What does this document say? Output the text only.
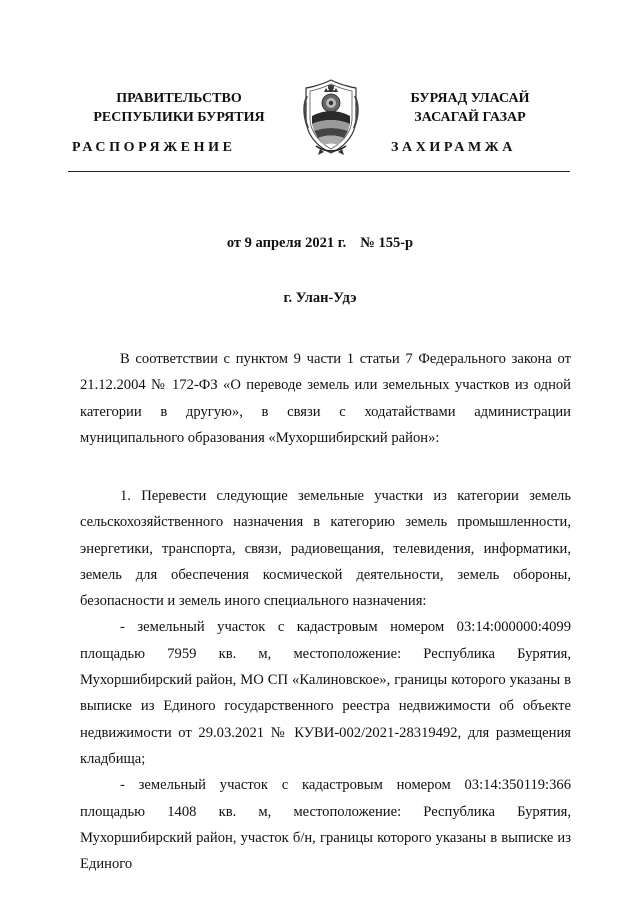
ПРАВИТЕЛЬСТВО
РЕСПУБЛИКИ БУРЯТИЯ
БУРЯАД УЛАСАЙ
ЗАСАГАЙ ГАЗАР
РАСПОРЯЖЕНИЕ	ЗАХИРАМЖА
от 9 апреля 2021 г. № 155-р
г. Улан-Удэ

В соответствии с пунктом 9 части 1 статьи 7 Федерального закона от 21.12.2004 № 172-ФЗ «О переводе земель или земельных участков из одной категории в другую», в связи с ходатайствами администрации муниципального образования «Мухоршибирский район»:

1. Перевести следующие земельные участки из категории земель сельскохозяйственного назначения в категорию земель промышленности, энергетики, транспорта, связи, радиовещания, телевидения, информатики, земель для обеспечения космической деятельности, земель обороны, безопасности и земель иного специального назначения:

- земельный участок с кадастровым номером 03:14:000000:4099 площадью 7959 кв. м, местоположение: Республика Бурятия, Мухоршибирский район, МО СП «Калиновское», границы которого указаны в выписке из Единого государственного реестра недвижимости об объекте недвижимости от 29.03.2021 № КУВИ-002/2021-28319492, для размещения кладбища;

- земельный участок с кадастровым номером 03:14:350119:366 площадью 1408 кв. м, местоположение: Республика Бурятия, Мухоршибирский район, участок б/н, границы которого указаны в выписке из Единого
